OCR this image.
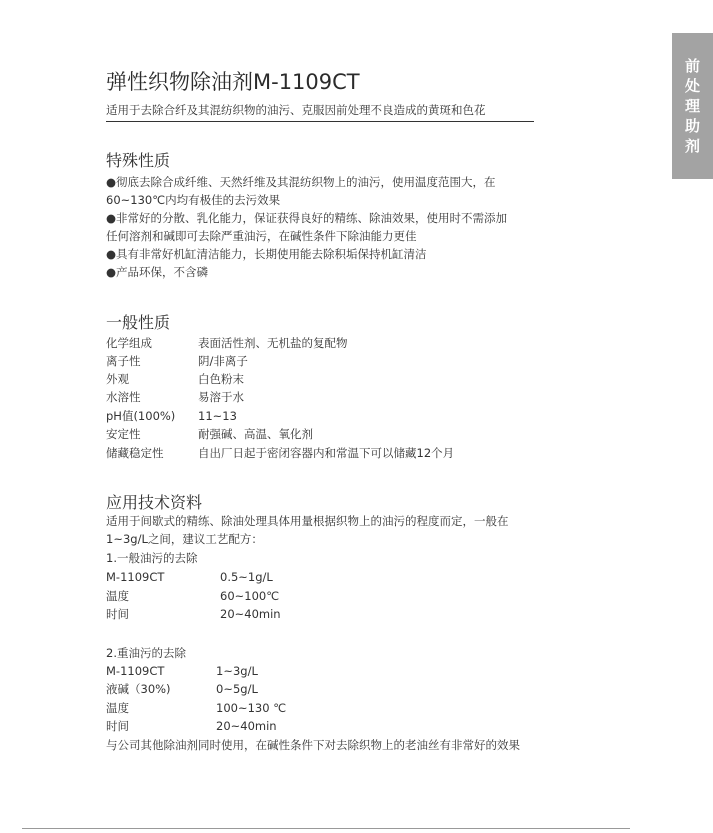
前
处
理
助
剂
弹性织物除油剂M-1109CT
适用于去除合纤及其混纺织物的油污、克服因前处理不良造成的黄斑和色花
特殊性质
●彻底去除合成纤维、天然纤维及其混纺织物上的油污，使用温度范围大，在
60~130℃内均有极佳的去污效果
●非常好的分散、乳化能力，保证获得良好的精练、除油效果，使用时不需添加
任何溶剂和碱即可去除严重油污，在碱性条件下除油能力更佳
●具有非常好机缸清洁能力，长期使用能去除积垢保持机缸清洁
●产品环保，不含磷
一般性质
化学组成	表面活性剂、无机盐的复配物
离子性	阴/非离子
外观	白色粉末
水溶性	易溶于水
pH值(100%) 11~13
安定性	耐强碱、高温、氧化剂
储藏稳定性	自出厂日起于密闭容器内和常温下可以储藏12个月
应用技术资料
适用于间歇式的精练、除油处理具体用量根据织物上的油污的程度而定，一般在
1~3g/L之间，建议工艺配方：
1.一般油污的去除
M-1109CT	0.5~1g/L
温度	60~100℃
时间	20~40min
2.重油污的去除
M-1109CT	1~3g/L
液碱（30%)	0~5g/L
温度	100~130 ℃
时间	20~40min
与公司其他除油剂同时使用，在碱性条件下对去除织物上的老油丝有非常好的效果
